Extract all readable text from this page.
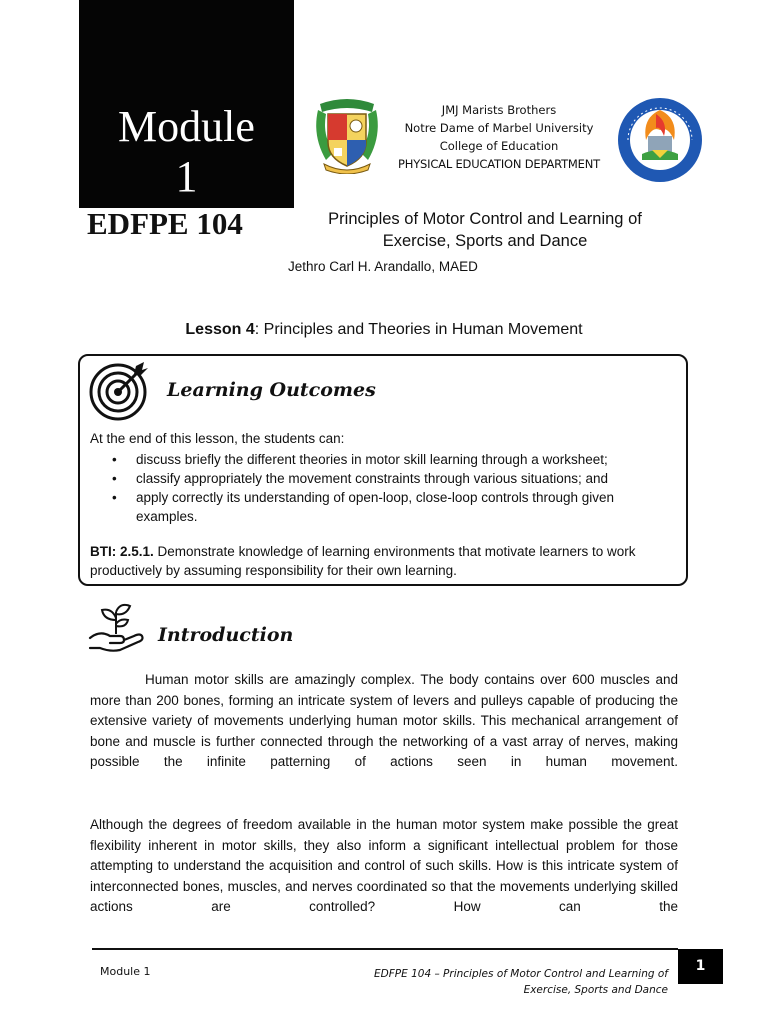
Module
1
JMJ Marists Brothers
Notre Dame of Marbel University
College of Education
PHYSICAL EDUCATION DEPARTMENT
EDFPE 104	Principles of Motor Control and Learning of
Exercise, Sports and Dance
Jethro Carl H. Arandallo, MAED
Lesson 4: Principles and Theories in Human Movement
Learning Outcomes
At the end of this lesson, the students can:
• discuss briefly the different theories in motor skill learning through a worksheet;
• classify appropriately the movement constraints through various situations; and
• apply correctly its understanding of open-loop, close-loop controls through given examples.
BTI: 2.5.1. Demonstrate knowledge of learning environments that motivate learners to work productively by assuming responsibility for their own learning.
Introduction
Human motor skills are amazingly complex. The body contains over 600 muscles and more than 200 bones, forming an intricate system of levers and pulleys capable of producing the extensive variety of movements underlying human motor skills. This mechanical arrangement of bone and muscle is further connected through the networking of a vast array of nerves, making possible the infinite patterning of actions seen in human movement.
Although the degrees of freedom available in the human motor system make possible the great flexibility inherent in motor skills, they also inform a significant intellectual problem for those attempting to understand the acquisition and control of such skills. How is this intricate system of interconnected bones, muscles, and nerves coordinated so that the movements underlying skilled actions are controlled? How can the
1
Module 1	EDFPE 104 – Principles of Motor Control and Learning of
Exercise, Sports and Dance
